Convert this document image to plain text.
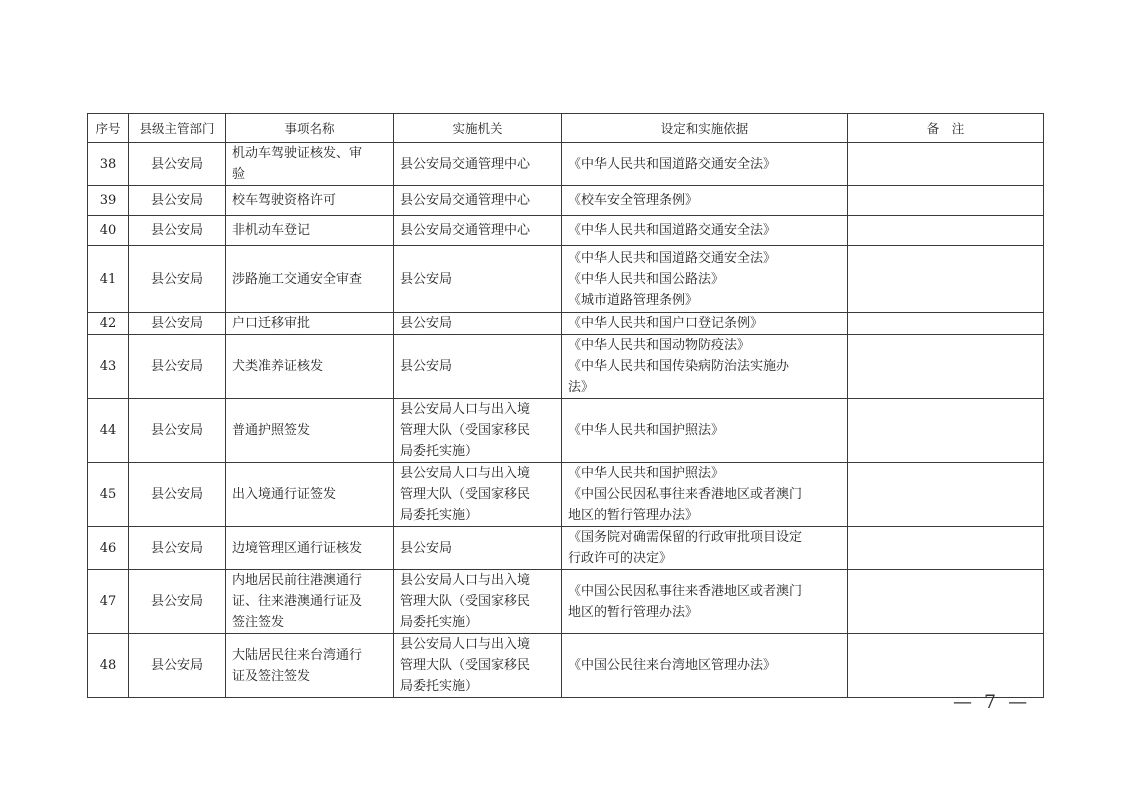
序号	县级主管部门	事项名称	实施机关	设定和实施依据	备　注
38	县公安局	机动车驾驶证核发、审
验	县公安局交通管理中心	《中华人民共和国道路交通安全法》	

39	县公安局	校车驾驶资格许可	县公安局交通管理中心	《校车安全管理条例》	

40	县公安局	非机动车登记	县公安局交通管理中心	《中华人民共和国道路交通安全法》	

41	县公安局	涉路施工交通安全审查	县公安局	《中华人民共和国道路交通安全法》
《中华人民共和国公路法》
《城市道路管理条例》	

42	县公安局	户口迁移审批	县公安局	《中华人民共和国户口登记条例》	

43	县公安局	犬类准养证核发	县公安局	《中华人民共和国动物防疫法》
《中华人民共和国传染病防治法实施办
法》	

44	县公安局	普通护照签发	县公安局人口与出入境
管理大队（受国家移民
局委托实施）	《中华人民共和国护照法》	

45	县公安局	出入境通行证签发	县公安局人口与出入境
管理大队（受国家移民
局委托实施）	《中华人民共和国护照法》
《中国公民因私事往来香港地区或者澳门
地区的暂行管理办法》	

46	县公安局	边境管理区通行证核发	县公安局	《国务院对确需保留的行政审批项目设定
行政许可的决定》	

47	县公安局	内地居民前往港澳通行
证、往来港澳通行证及
签注签发	县公安局人口与出入境
管理大队（受国家移民
局委托实施）	《中国公民因私事往来香港地区或者澳门
地区的暂行管理办法》	

48	县公安局	大陆居民往来台湾通行
证及签注签发	县公安局人口与出入境
管理大队（受国家移民
局委托实施）	《中国公民往来台湾地区管理办法》	

— 7 —
